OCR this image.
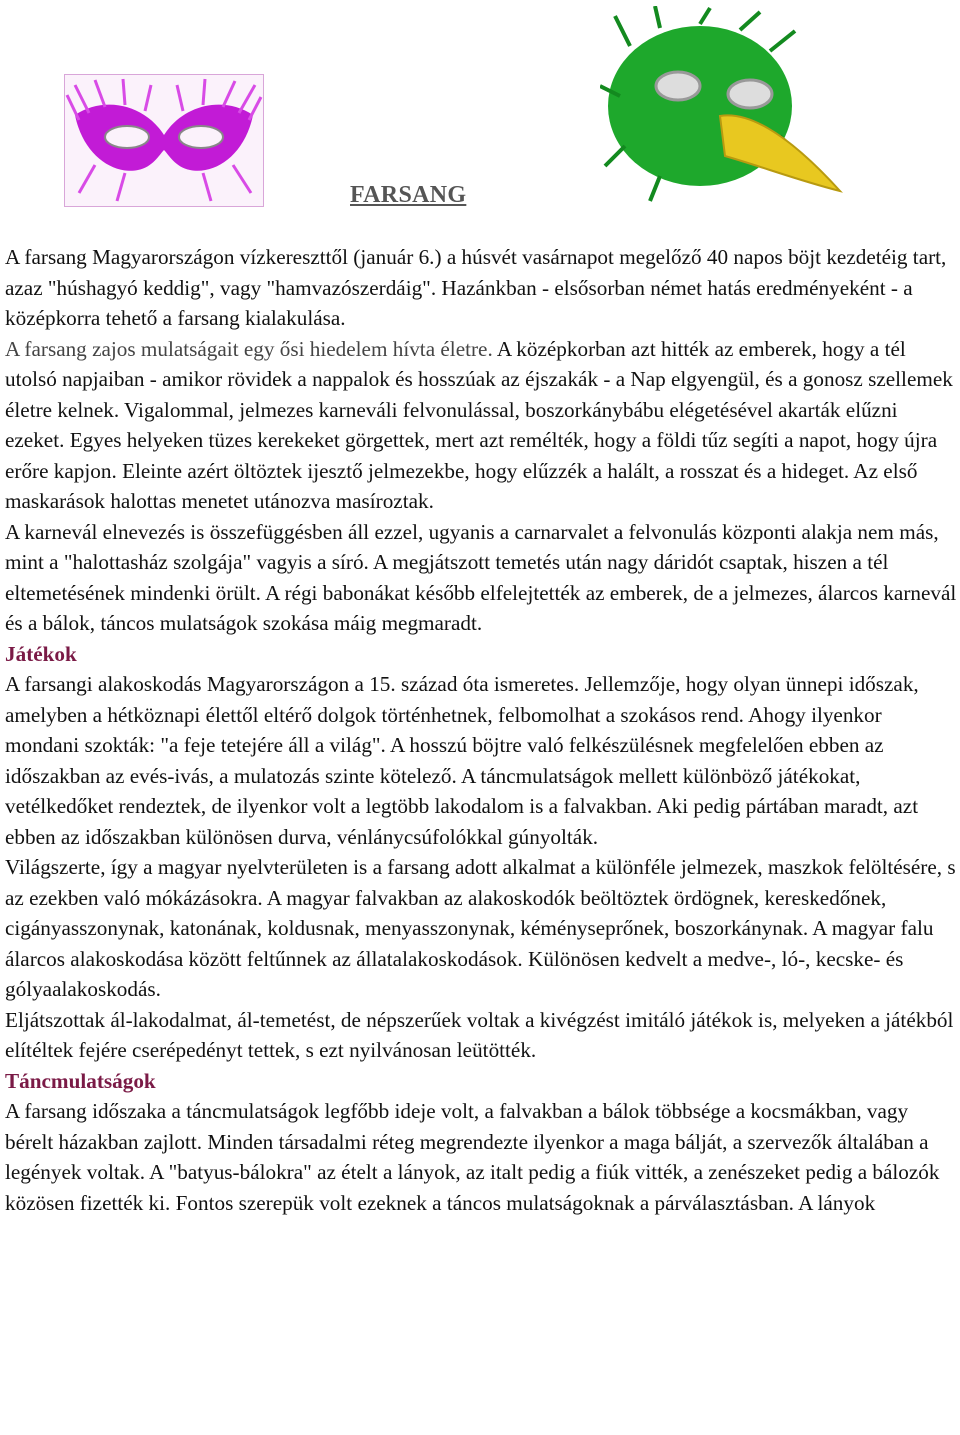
FARSANG

A farsang Magyarországon vízkereszttől (január 6.) a húsvét vasárnapot megelőző 40 napos böjt kezdetéig tart, azaz "húshagyó keddig", vagy "hamvazószerdáig". Hazánkban - elsősorban német hatás eredményeként - a középkorra tehető a farsang kialakulása.

A farsang zajos mulatságait egy ősi hiedelem hívta életre. A középkorban azt hitték az emberek, hogy a tél utolsó napjaiban - amikor rövidek a nappalok és hosszúak az éjszakák - a Nap elgyengül, és a gonosz szellemek életre kelnek. Vigalommal, jelmezes karneváli felvonulással, boszorkánybábu elégetésével akarták elűzni ezeket. Egyes helyeken tüzes kerekeket görgettek, mert azt remélték, hogy a földi tűz segíti a napot, hogy újra erőre kapjon. Eleinte azért öltöztek ijesztő jelmezekbe, hogy elűzzék a halált, a rosszat és a hideget. Az első maskarások halottas menetet utánozva masíroztak.

A karnevál elnevezés is összefüggésben áll ezzel, ugyanis a carnarvalet a felvonulás központi alakja nem más, mint a "halottasház szolgája" vagyis a síró. A megjátszott temetés után nagy dáridót csaptak, hiszen a tél eltemetésének mindenki örült. A régi babonákat később elfelejtették az emberek, de a jelmezes, álarcos karnevál és a bálok, táncos mulatságok szokása máig megmaradt.

Játékok

A farsangi alakoskodás Magyarországon a 15. század óta ismeretes. Jellemzője, hogy olyan ünnepi időszak, amelyben a hétköznapi élettől eltérő dolgok történhetnek, felbomolhat a szokásos rend. Ahogy ilyenkor mondani szokták: "a feje tetejére áll a világ". A hosszú böjtre való felkészülésnek megfelelően ebben az időszakban az evés-ivás, a mulatozás szinte kötelező. A táncmulatságok mellett különböző játékokat, vetélkedőket rendeztek, de ilyenkor volt a legtöbb lakodalom is a falvakban. Aki pedig pártában maradt, azt ebben az időszakban különösen durva, vénlánycsúfolókkal gúnyolták.

Világszerte, így a magyar nyelvterületen is a farsang adott alkalmat a különféle jelmezek, maszkok felöltésére, s az ezekben való mókázásokra. A magyar falvakban az alakoskodók beöltöztek ördögnek, kereskedőnek, cigányasszonynak, katonának, koldusnak, menyasszonynak, kéményseprőnek, boszorkánynak. A magyar falu álarcos alakoskodása között feltűnnek az állatalakoskodások. Különösen kedvelt a medve-, ló-, kecske- és gólyaalakoskodás.

Eljátszottak ál-lakodalmat, ál-temetést, de népszerűek voltak a kivégzést imitáló játékok is, melyeken a játékból elítéltek fejére cserépedényt tettek, s ezt nyilvánosan leütötték.

Táncmulatságok

A farsang időszaka a táncmulatságok legfőbb ideje volt, a falvakban a bálok többsége a kocsmákban, vagy bérelt házakban zajlott. Minden társadalmi réteg megrendezte ilyenkor a maga bálját, a szervezők általában a legények voltak. A "batyus-bálokra" az ételt a lányok, az italt pedig a fiúk vitték, a zenészeket pedig a bálozók közösen fizették ki. Fontos szerepük volt ezeknek a táncos mulatságoknak a párválasztásban. A lányok
